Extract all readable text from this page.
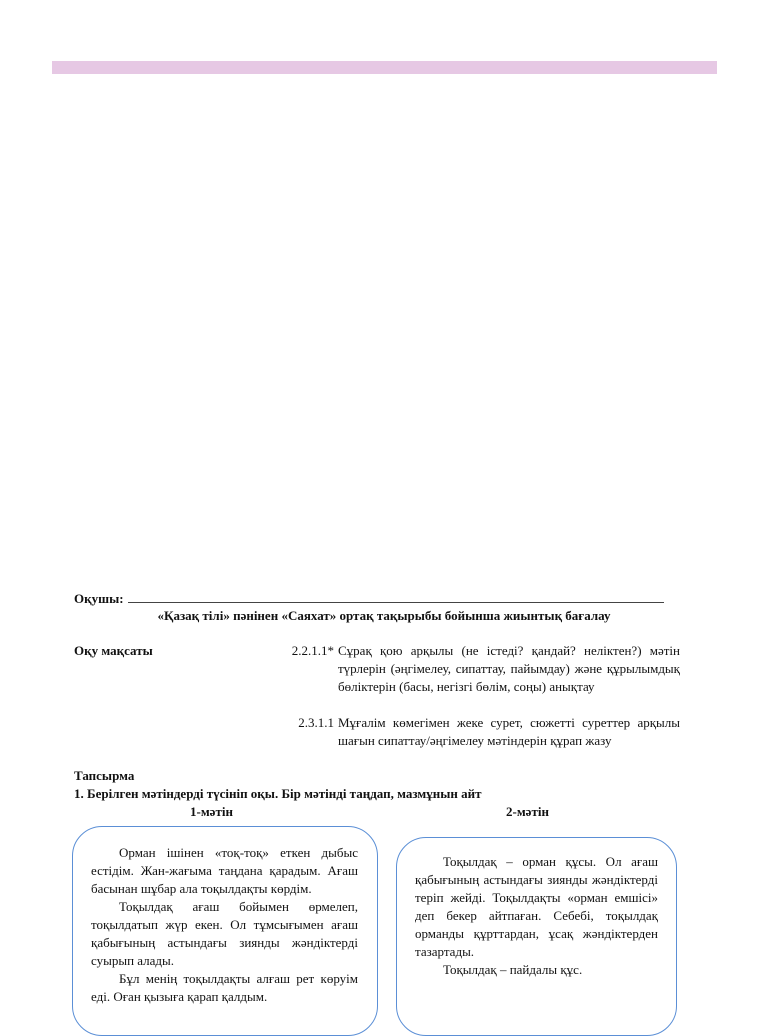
Оқушы:
«Қазақ тілі» пәнінен «Саяхат» ортақ тақырыбы бойынша жиынтық бағалау
Оқу мақсаты	2.2.1.1* Сұрақ қою арқылы (не істеді? қандай? неліктен?) мәтін түрлерін (әңгімелеу, сипаттау, пайымдау) және құрылымдық бөліктерін (басы, негізгі бөлім, соңы) анықтау
2.3.1.1 Мұғалім көмегімен жеке сурет, сюжетті суреттер арқылы шағын сипаттау/әңгімелеу мәтіндерін құрап жазу
Тапсырма
1. Берілген мәтіндерді түсініп оқы. Бір мәтінді таңдап, мазмұнын айт
1-мәтін	2-мәтін

Орман ішінен «тоқ-тоқ» еткен дыбыс естідім. Жан-жағыма таңдана қарадым. Ағаш басынан шұбар ала тоқылдақты көрдім.

Тоқылдақ ағаш бойымен өрмелеп, тоқылдатып жүр екен. Ол тұмсығымен ағаш қабығының астындағы зиянды жәндіктерді суырып алады.

Бұл менің тоқылдақты алғаш рет көруім еді. Оған қызыға қарап қалдым.

Тоқылдақ – орман құсы. Ол ағаш қабығының астындағы зиянды жәндіктерді теріп жейді. Тоқылдақты «орман емшісі» деп бекер айтпаған. Себебі, тоқылдақ орманды құрттардан, ұсақ жәндіктерден тазартады.

Тоқылдақ – пайдалы құс.
